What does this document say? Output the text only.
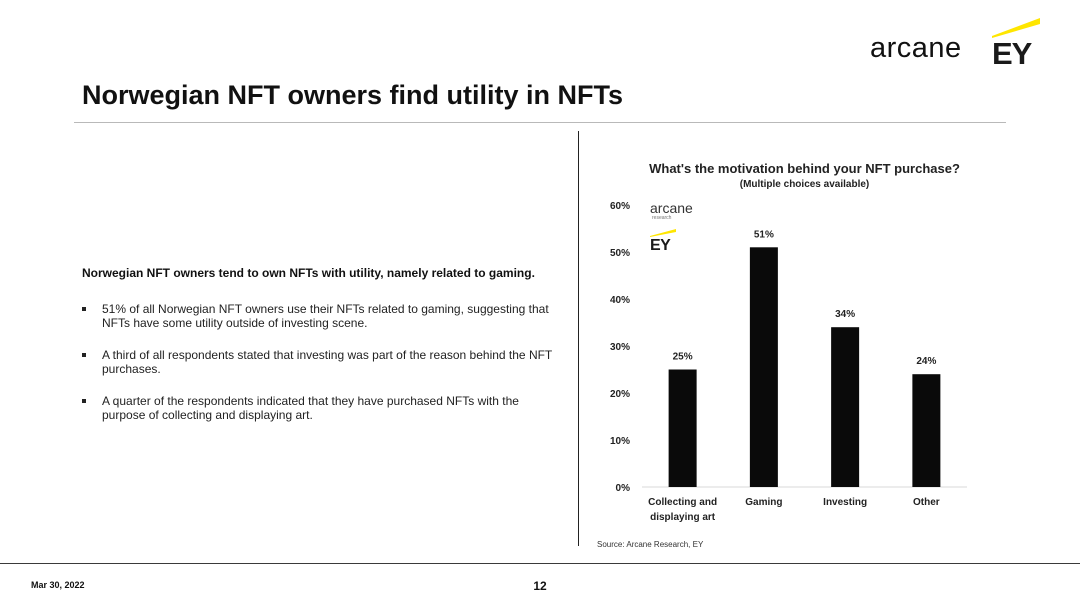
arcane EY
Norwegian NFT owners find utility in NFTs
Norwegian NFT owners tend to own NFTs with utility, namely related to gaming.
51% of all Norwegian NFT owners use their NFTs related to gaming, suggesting that NFTs have some utility outside of investing scene.
A third of all respondents stated that investing was part of the reason behind the NFT purchases.
A quarter of the respondents indicated that they have purchased NFTs with the purpose of collecting and displaying art.
What's the motivation behind your NFT purchase?
(Multiple choices available)
0%
10%
20%
30%
40%
50%
60%
25%
Collecting and
displaying art
51%
Gaming
34%
Investing
24%
Other
arcane
research
EY
Source: Arcane Research, EY
Mar 30, 2022	12
